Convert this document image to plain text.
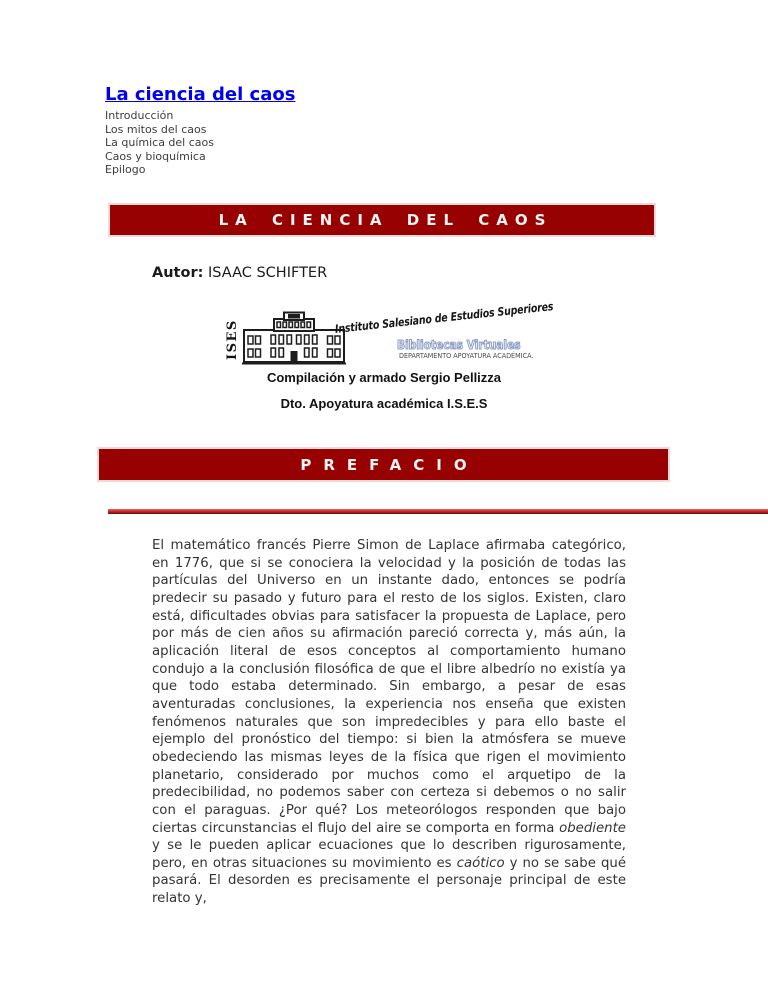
La ciencia del caos
Introducción
Los mitos del caos
La química del caos
Caos y bioquímica
Epilogo
LA CIENCIA DEL CAOS
Autor: ISAAC SCHIFTER
ISES
Instituto Salesiano de Estudios Superiores
Bibliotecas Virtuales
DEPARTAMENTO APOYATURA ACADÉMICA.
Compilación y armado Sergio Pellizza
Dto. Apoyatura académica I.S.E.S
PREFACIO
El matemático francés Pierre Simon de Laplace afirmaba categórico, en 1776, que si se conociera la velocidad y la posición de todas las partículas del Universo en un instante dado, entonces se podría predecir su pasado y futuro para el resto de los siglos. Existen, claro está, dificultades obvias para satisfacer la propuesta de Laplace, pero por más de cien años su afirmación pareció correcta y, más aún, la aplicación literal de esos conceptos al comportamiento humano condujo a la conclusión filosófica de que el libre albedrío no existía ya que todo estaba determinado. Sin embargo, a pesar de esas aventuradas conclusiones, la experiencia nos enseña que existen fenómenos naturales que son impredecibles y para ello baste el ejemplo del pronóstico del tiempo: si bien la atmósfera se mueve obedeciendo las mismas leyes de la física que rigen el movimiento planetario, considerado por muchos como el arquetipo de la predecibilidad, no podemos saber con certeza si debemos o no salir con el paraguas. ¿Por qué? Los meteorólogos responden que bajo ciertas circunstancias el flujo del aire se comporta en forma obediente y se le pueden aplicar ecuaciones que lo describen rigurosamente, pero, en otras situaciones su movimiento es caótico y no se sabe qué pasará. El desorden es precisamente el personaje principal de este relato y,
